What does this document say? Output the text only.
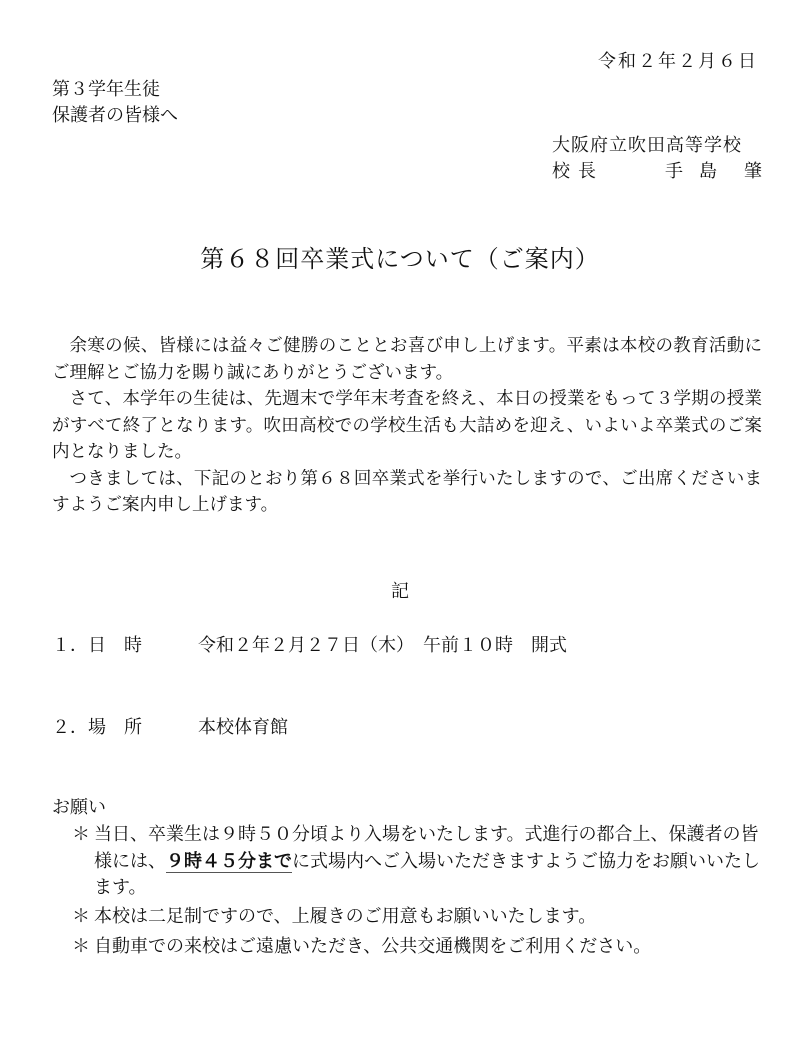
令和２年２月６日
第３学年生徒
保護者の皆様へ
大阪府立吹田高等学校
校長	手島 肇
第６８回卒業式について（ご案内）

余寒の候、皆様には益々ご健勝のこととお喜び申し上げます。平素は本校の教育活動にご理解とご協力を賜り誠にありがとうございます。

さて、本学年の生徒は、先週末で学年末考査を終え、本日の授業をもって３学期の授業がすべて終了となります。吹田高校での学校生活も大詰めを迎え、いよいよ卒業式のご案内となりました。

つきましては、下記のとおり第６８回卒業式を挙行いたしますので、ご出席くださいますようご案内申し上げます。

記
１．日　時	令和２年２月２７日（木）　午前１０時　開式
２．場　所	本校体育館
お願い
＊ 当日、卒業生は９時５０分頃より入場をいたします。式進行の都合上、保護者の皆様には、９時４５分までに式場内へご入場いただきますようご協力をお願いいたします。
＊ 本校は二足制ですので、上履きのご用意もお願いいたします。
＊ 自動車での来校はご遠慮いただき、公共交通機関をご利用ください。
